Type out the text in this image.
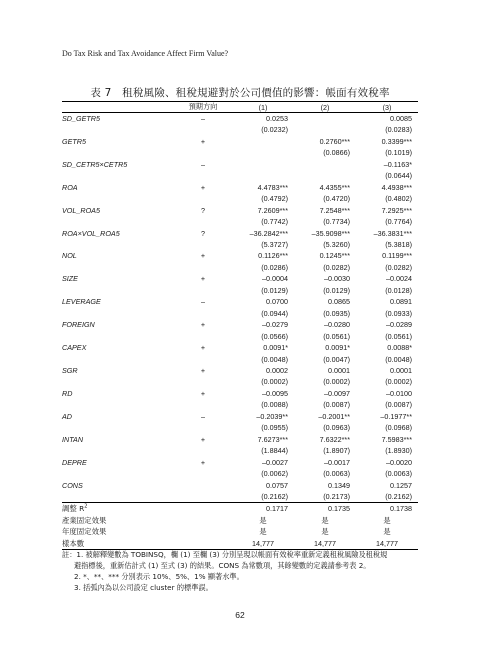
Do Tax Risk and Tax Avoidance Affect Firm Value?
表 7　租稅風險、租稅規避對於公司價值的影響：帳面有效稅率
	預期方向	(1)	(2)	(3)
SD_GETR5	–	0.0253		0.0085
		(0.0232)		(0.0283)
GETR5	+		0.2760***	0.3399***
			(0.0866)	(0.1019)
SD_CETR5×CETR5	–			–0.1163*
				(0.0644)
ROA	+	4.4783***	4.4355***	4.4938***
		(0.4792)	(0.4720)	(0.4802)
VOL_ROA5	?	7.2609***	7.2548***	7.2925***
		(0.7742)	(0.7734)	(0.7764)
ROA×VOL_ROA5	?	–36.2842***	–35.9098***	–36.3831***
		(5.3727)	(5.3260)	(5.3818)
NOL	+	0.1126***	0.1245***	0.1199***
		(0.0286)	(0.0282)	(0.0282)
SIZE	+	–0.0004	–0.0030	–0.0024
		(0.0129)	(0.0129)	(0.0128)
LEVERAGE	–	0.0700	0.0865	0.0891
		(0.0944)	(0.0935)	(0.0933)
FOREIGN	+	–0.0279	–0.0280	–0.0289
		(0.0566)	(0.0561)	(0.0561)
CAPEX	+	0.0091*	0.0091*	0.0088*
		(0.0048)	(0.0047)	(0.0048)
SGR	+	0.0002	0.0001	0.0001
		(0.0002)	(0.0002)	(0.0002)
RD	+	–0.0095	–0.0097	–0.0100
		(0.0088)	(0.0087)	(0.0087)
AD	–	–0.2039**	–0.2001**	–0.1977**
		(0.0955)	(0.0963)	(0.0968)
INTAN	+	7.6273***	7.6322***	7.5983***
		(1.8844)	(1.8907)	(1.8930)
DEPRE	+	–0.0027	–0.0017	–0.0020
		(0.0062)	(0.0063)	(0.0063)
CONS		0.0757	0.1349	0.1257
		(0.2162)	(0.2173)	(0.2162)
調整 $R^2$		0.1717	0.1735	0.1738
產業固定效果		是	是	是
年度固定效果		是	是	是
樣本數		14,777	14,777	14,777
註：1. 被解釋變數為 TOBINSQ，欄 (1) 至欄 (3) 分別呈現以帳面有效稅率重新定義租稅風險及租稅規
避指標後，重新估計式 (1) 至式 (3) 的結果。CONS 為常數項，其餘變數的定義請參考表 2。
2. *、**、*** 分別表示 10%、5%、1% 顯著水準。
3. 括弧內為以公司設定 cluster 的標準誤。
62
